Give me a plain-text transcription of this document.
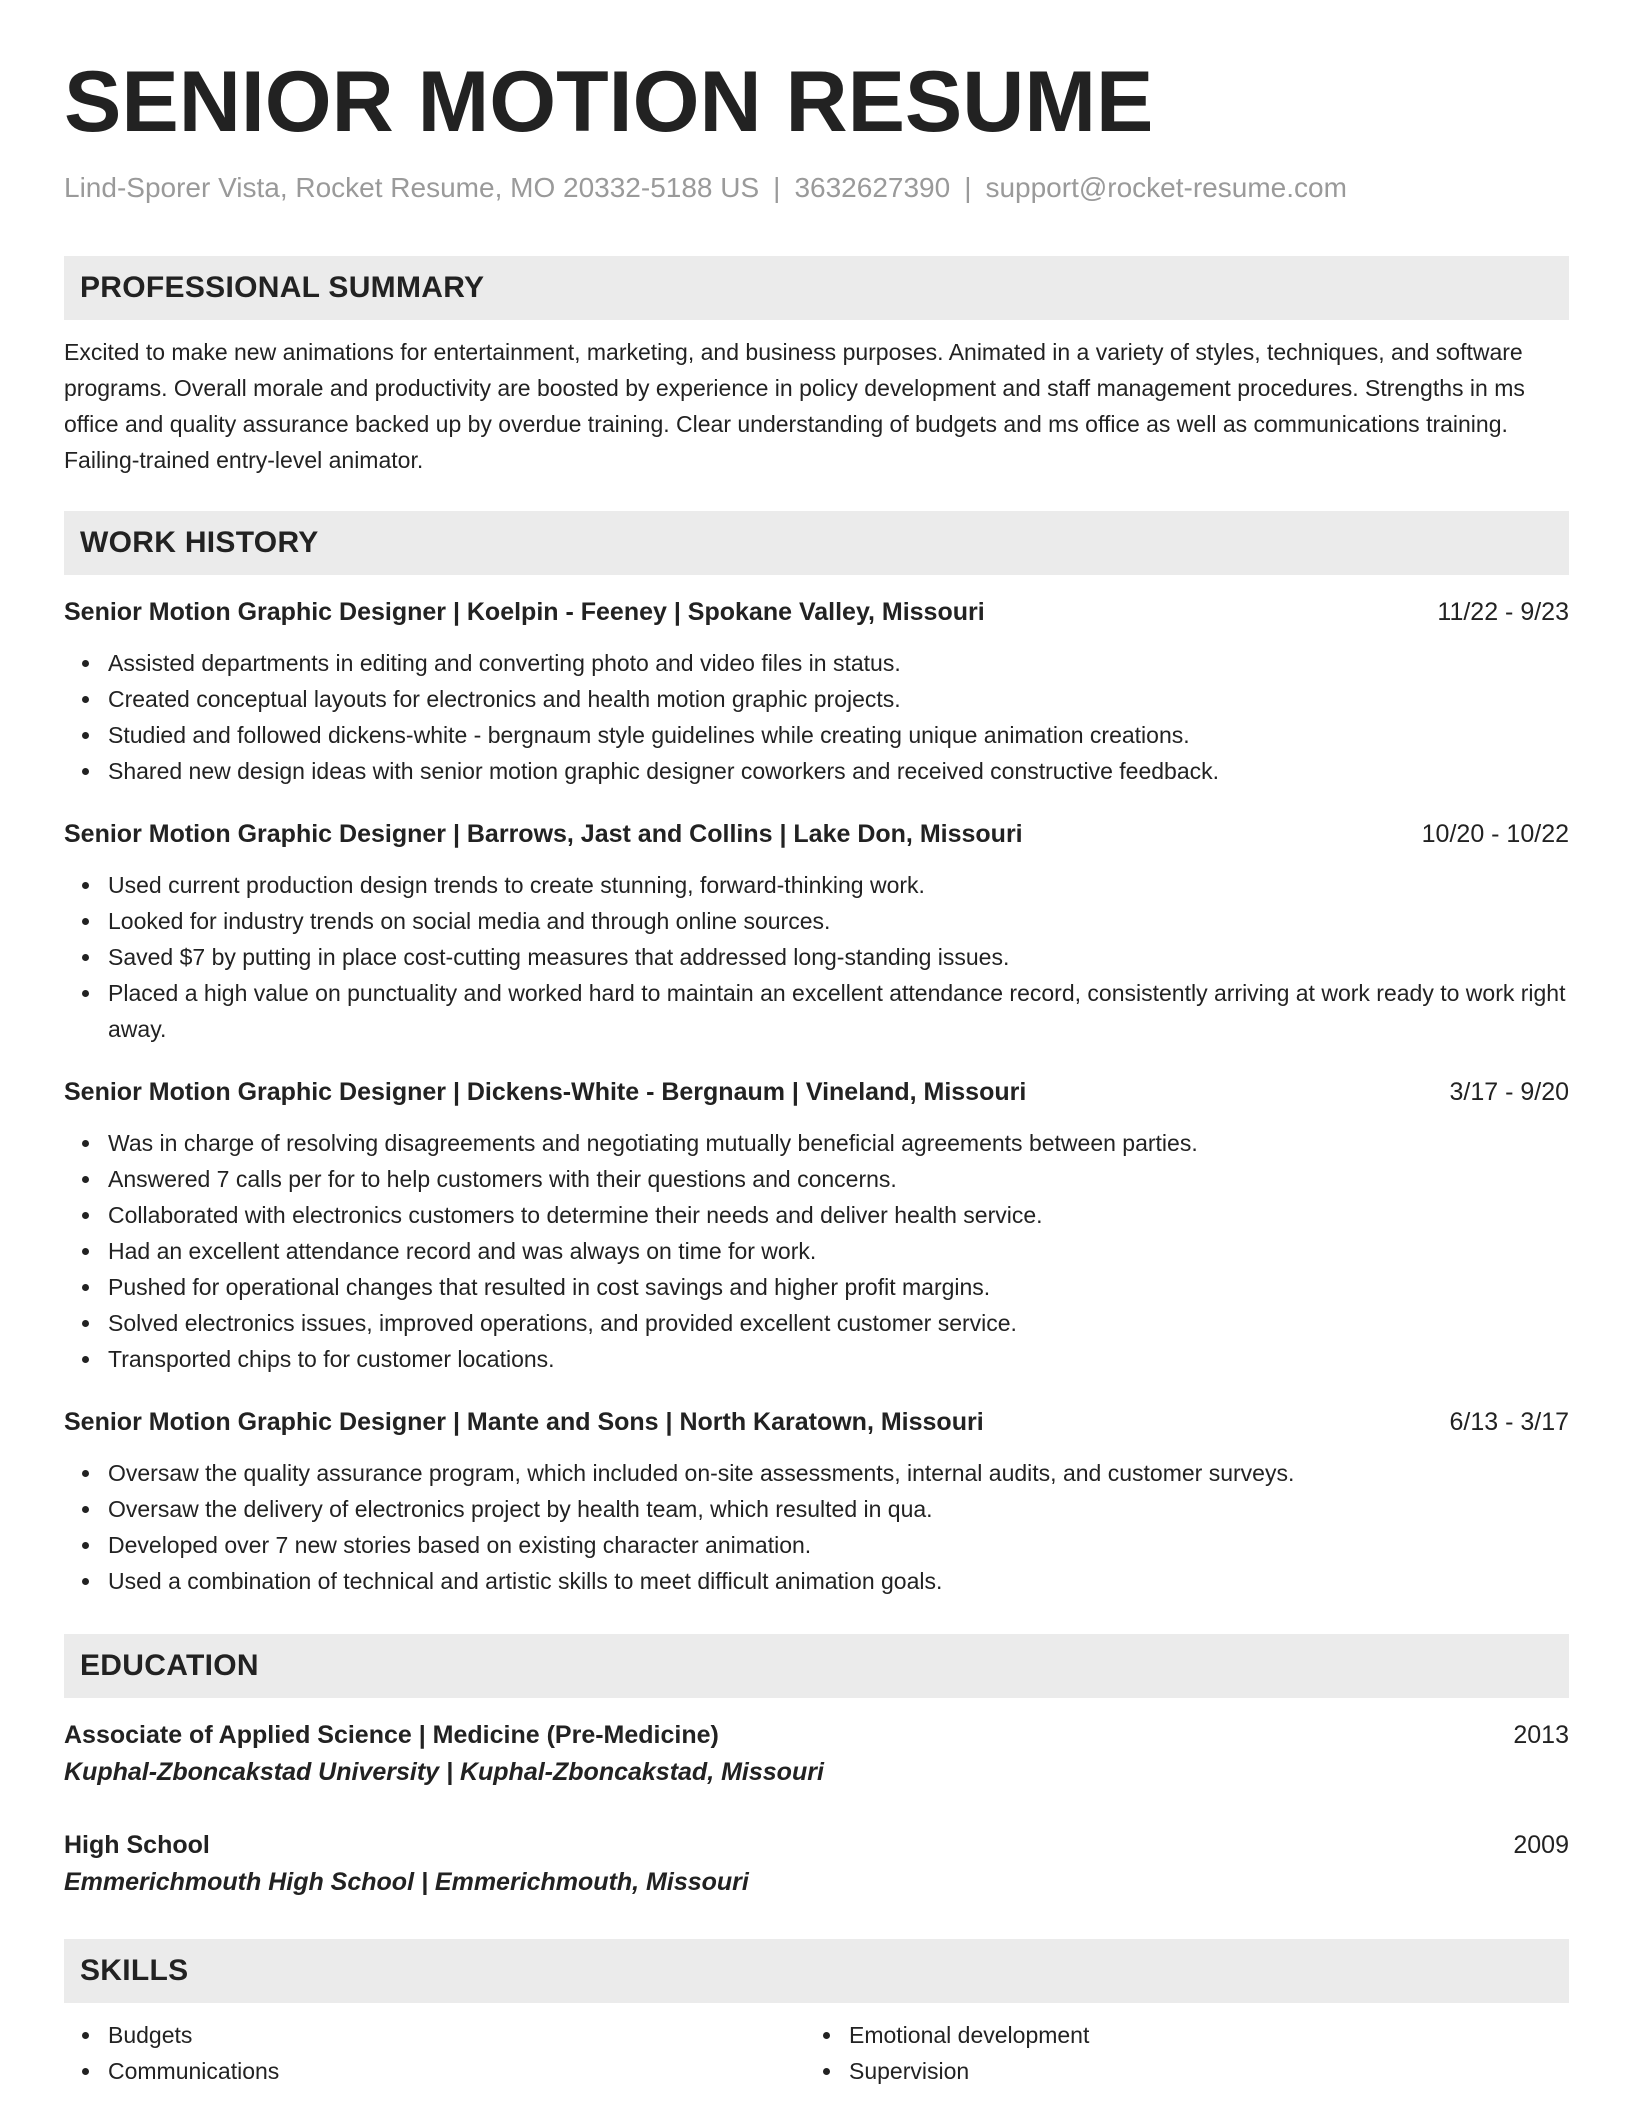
SENIOR MOTION RESUME
Lind-Sporer Vista, Rocket Resume, MO 20332-5188 US | 3632627390 | support@rocket-resume.com
PROFESSIONAL SUMMARY

Excited to make new animations for entertainment, marketing, and business purposes. Animated in a variety of styles, techniques, and software programs. Overall morale and productivity are boosted by experience in policy development and staff management procedures. Strengths in ms office and quality assurance backed up by overdue training. Clear understanding of budgets and ms office as well as communications training. Failing-trained entry-level animator.

WORK HISTORY
Senior Motion Graphic Designer | Koelpin - Feeney | Spokane Valley, Missouri	11/22 - 9/23
Assisted departments in editing and converting photo and video files in status.
Created conceptual layouts for electronics and health motion graphic projects.
Studied and followed dickens-white - bergnaum style guidelines while creating unique animation creations.
Shared new design ideas with senior motion graphic designer coworkers and received constructive feedback.
Senior Motion Graphic Designer | Barrows, Jast and Collins | Lake Don, Missouri	10/20 - 10/22
Used current production design trends to create stunning, forward-thinking work.
Looked for industry trends on social media and through online sources.
Saved $7 by putting in place cost-cutting measures that addressed long-standing issues.
Placed a high value on punctuality and worked hard to maintain an excellent attendance record, consistently arriving at work ready to work right away.
Senior Motion Graphic Designer | Dickens-White - Bergnaum | Vineland, Missouri	3/17 - 9/20
Was in charge of resolving disagreements and negotiating mutually beneficial agreements between parties.
Answered 7 calls per for to help customers with their questions and concerns.
Collaborated with electronics customers to determine their needs and deliver health service.
Had an excellent attendance record and was always on time for work.
Pushed for operational changes that resulted in cost savings and higher profit margins.
Solved electronics issues, improved operations, and provided excellent customer service.
Transported chips to for customer locations.
Senior Motion Graphic Designer | Mante and Sons | North Karatown, Missouri	6/13 - 3/17
Oversaw the quality assurance program, which included on-site assessments, internal audits, and customer surveys.
Oversaw the delivery of electronics project by health team, which resulted in qua.
Developed over 7 new stories based on existing character animation.
Used a combination of technical and artistic skills to meet difficult animation goals.
EDUCATION
Associate of Applied Science | Medicine (Pre-Medicine)	2013
Kuphal-Zboncakstad University | Kuphal-Zboncakstad, Missouri
High School	2009
Emmerichmouth High School | Emmerichmouth, Missouri
SKILLS
Budgets
Communications
Emotional development
Supervision
